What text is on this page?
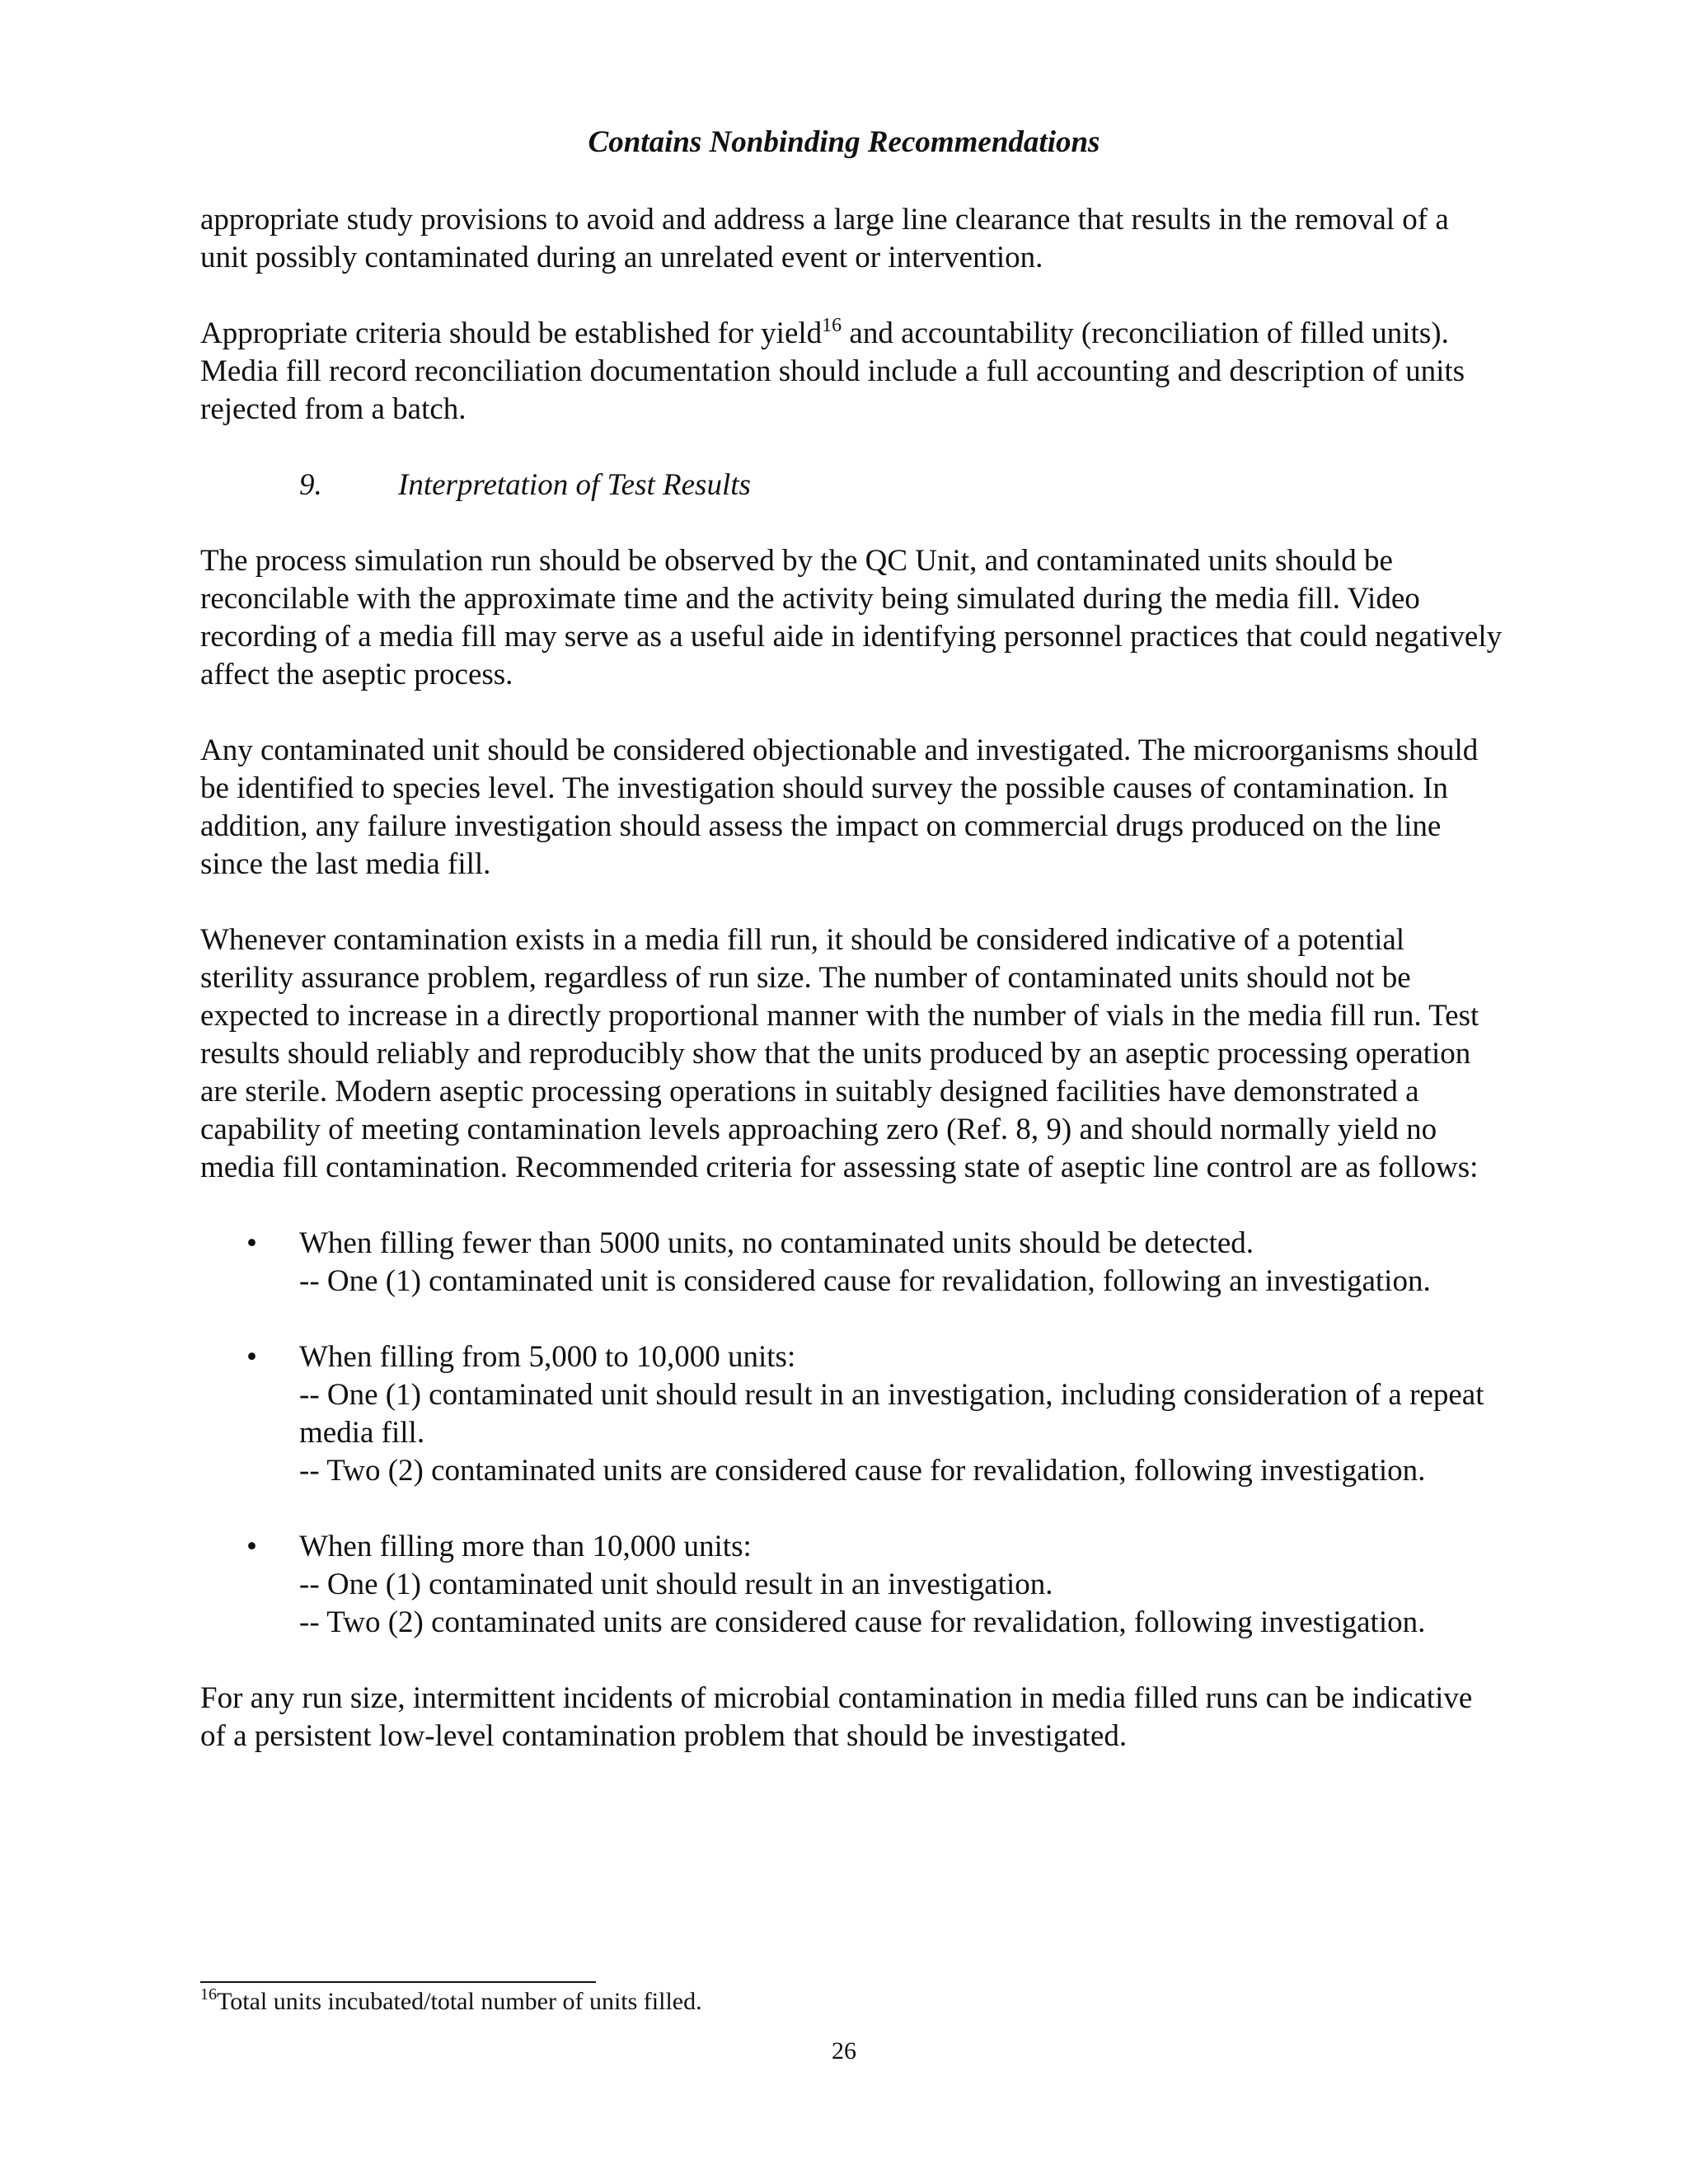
Contains Nonbinding Recommendations

appropriate study provisions to avoid and address a large line clearance that results in the removal of a unit possibly contaminated during an unrelated event or intervention.

Appropriate criteria should be established for yield$^{16}$ and accountability (reconciliation of filled units). Media fill record reconciliation documentation should include a full accounting and description of units rejected from a batch.

9. Interpretation of Test Results

The process simulation run should be observed by the QC Unit, and contaminated units should be reconcilable with the approximate time and the activity being simulated during the media fill. Video recording of a media fill may serve as a useful aide in identifying personnel practices that could negatively affect the aseptic process.

Any contaminated unit should be considered objectionable and investigated. The microorganisms should be identified to species level. The investigation should survey the possible causes of contamination. In addition, any failure investigation should assess the impact on commercial drugs produced on the line since the last media fill.

Whenever contamination exists in a media fill run, it should be considered indicative of a potential sterility assurance problem, regardless of run size. The number of contaminated units should not be expected to increase in a directly proportional manner with the number of vials in the media fill run. Test results should reliably and reproducibly show that the units produced by an aseptic processing operation are sterile. Modern aseptic processing operations in suitably designed facilities have demonstrated a capability of meeting contamination levels approaching zero (Ref. 8, 9) and should normally yield no media fill contamination. Recommended criteria for assessing state of aseptic line control are as follows:

• When filling fewer than 5000 units, no contaminated units should be detected.
-- One (1) contaminated unit is considered cause for revalidation, following an investigation.
• When filling from 5,000 to 10,000 units:
-- One (1) contaminated unit should result in an investigation, including consideration of a repeat media fill.
-- Two (2) contaminated units are considered cause for revalidation, following investigation.
• When filling more than 10,000 units:
-- One (1) contaminated unit should result in an investigation.
-- Two (2) contaminated units are considered cause for revalidation, following investigation.

For any run size, intermittent incidents of microbial contamination in media filled runs can be indicative of a persistent low-level contamination problem that should be investigated.

$^{16}$Total units incubated/total number of units filled.
26
